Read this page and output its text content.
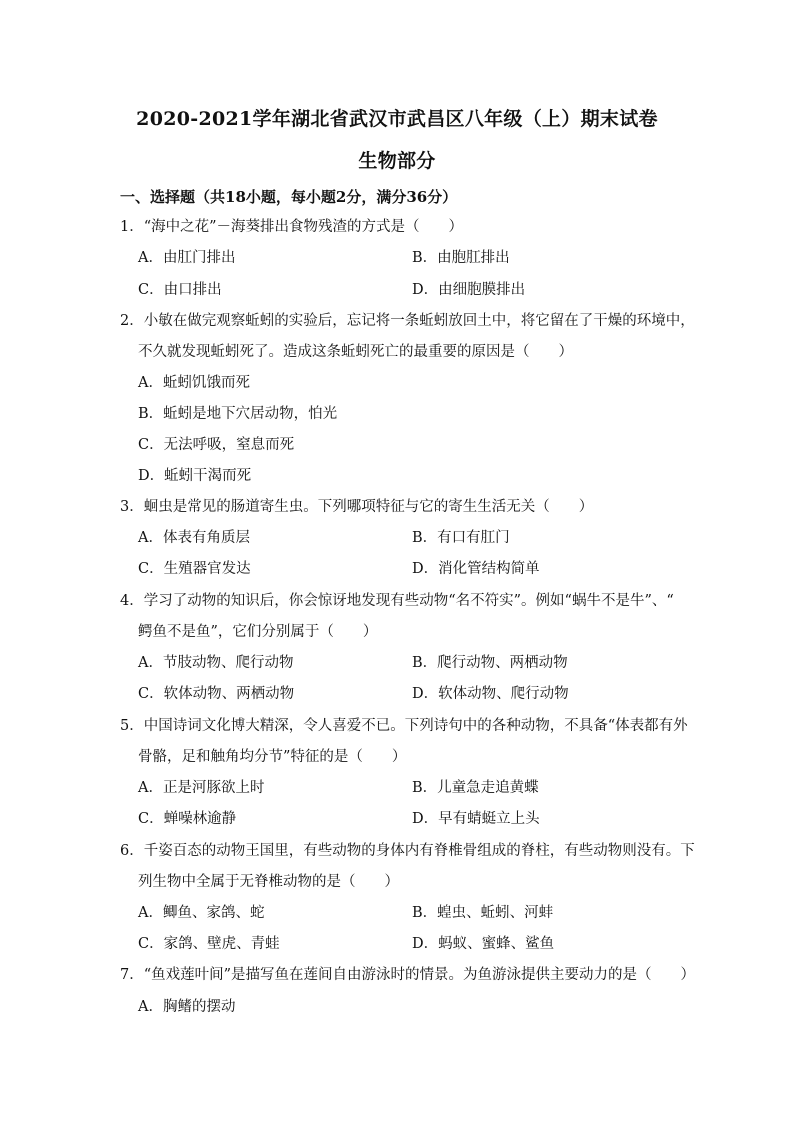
2020-2021学年湖北省武汉市武昌区八年级（上）期末试卷
生物部分
一、选择题（共18小题，每小题2分，满分36分）
1．“海中之花”－海葵排出食物残渣的方式是（　　）
A．由肛门排出	B．由胞肛排出
C．由口排出	D．由细胞膜排出
2．小敏在做完观察蚯蚓的实验后，忘记将一条蚯蚓放回土中，将它留在了干燥的环境中，
不久就发现蚯蚓死了。造成这条蚯蚓死亡的最重要的原因是（　　）
A．蚯蚓饥饿而死
B．蚯蚓是地下穴居动物，怕光
C．无法呼吸，窒息而死
D．蚯蚓干渴而死
3．蛔虫是常见的肠道寄生虫。下列哪项特征与它的寄生生活无关（　　）
A．体表有角质层	B．有口有肛门
C．生殖器官发达	D．消化管结构简单
4．学习了动物的知识后，你会惊讶地发现有些动物“名不符实”。例如“蜗牛不是牛”、“
鳄鱼不是鱼”，它们分别属于（　　）
A．节肢动物、爬行动物	B．爬行动物、两栖动物
C．软体动物、两栖动物	D．软体动物、爬行动物
5．中国诗词文化博大精深，令人喜爱不已。下列诗句中的各种动物，不具备“体表都有外
骨骼，足和触角均分节”特征的是（　　）
A．正是河豚欲上时	B．儿童急走追黄蝶
C．蝉噪林逾静	D．早有蜻蜓立上头
6．千姿百态的动物王国里，有些动物的身体内有脊椎骨组成的脊柱，有些动物则没有。下
列生物中全属于无脊椎动物的是（　　）
A．鲫鱼、家鸽、蛇	B．蝗虫、蚯蚓、河蚌
C．家鸽、壁虎、青蛙	D．蚂蚁、蜜蜂、鲨鱼
7．“鱼戏莲叶间”是描写鱼在莲间自由游泳时的情景。为鱼游泳提供主要动力的是（　　）
A．胸鳍的摆动
